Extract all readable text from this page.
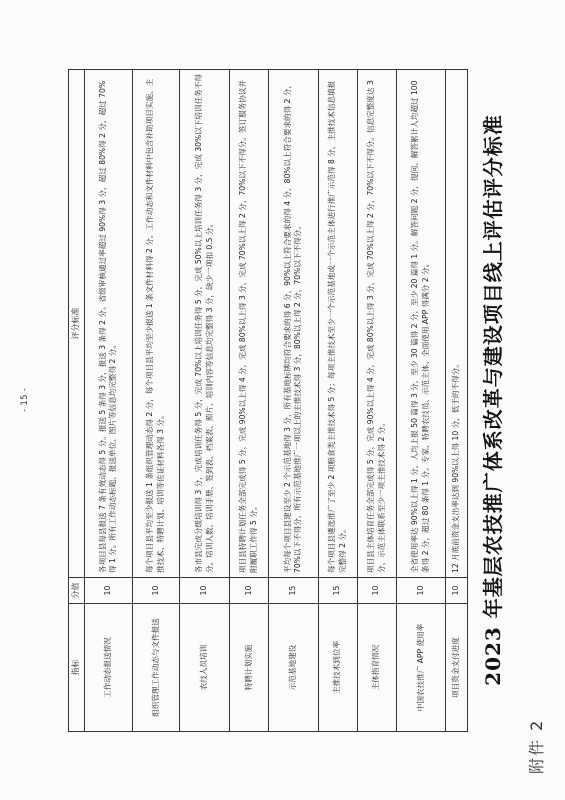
附件 2
2023 年基层农技推广体系改革与建设项目线上评估评分标准
指标	分值	评分标准
工作动态报送情况	10	各项目县每县报送 7 条有效动态得 5 分。报送 5 条得 3 分，报送 3 条得 2 分。省级审核通过率超过 90%得 3 分，超过 80%得 2 分，超过 70%得 1 分。所有工作动态标题、报送单位、图片等信息均完整得 2 分。
组织管理工作动态与文件报送	10	每个项目县平均至少报送 1 条组织管理动态得 2 分，每个项目县平均至少报送 1 条文件材料得 2 分。工作动态和文件材料中包含补助项目实施、主推技术、特聘计划、培训等佐证材料各得 3 分。
农技人员培训	10	各市县完成分级培训得 3 分，完成培训任务得 5 分，完成 70%以上培训任务得 5 分，完成 50%以上培训任务得 3 分，完成 30%以下培训任务不得分。培训人数、培训手册、签到表、档案表、照片、培训内容等信息均完整得 3 分，缺少一项扣 0.5 分。
特聘计划实施	10	项目县特聘计划任务全部完成得 5 分，完成 90%以上得 4 分，完成 80%以上得 3 分，完成 70%以上得 2 分，70%以下不得分。签订服务协议并附履职工作得 5 分。
示范基地建设	15	平均每个项目县建设至少 2 个示范基地得 3 分，所有基地标牌均符合要求的得 6 分，90%以上符合要求的得 4 分，80%以上符合要求的得 2 分，70%以下不得分，所有示范基地推广一项以上的主推技术得 3 分，80%以上得 2 分，70%以下不得分。
主推技术到位率	15	每个项目县遴选推广了至少 2 项粮食类主推技术得 5 分；每项主推技术至少一个示范基地或一个示范主体进行推广示范得 8 分，主推技术信息填报完整得 2 分。
主体指育情况	10	项目县主体培育任务全部完成得 5 分，完成 90%以上得 4 分，完成 80%以上得 3 分，完成 70%以上得 2 分，70%以下不得分。信息完整度达 3 分，示范主体联系至少一项主推技术得 2 分。
中国农技推广 APP 使用率	10	全省使用率达 90%以上得 1 分，人均上报 50 篇得 3 分，至少 30 篇得 2 分，至少 20 篇得 1 分。解答问题 2 分，提问、解答累计人均超过 100 条得 2 分，超过 80 条得 1 分。专家、特聘农技员、示范主体、全面使用 APP 得满分 2 分。
项目资金支付进度	10	12 月底前资金支出率达到 90%以上得 10 分，低于的不得分。
- 15 -
